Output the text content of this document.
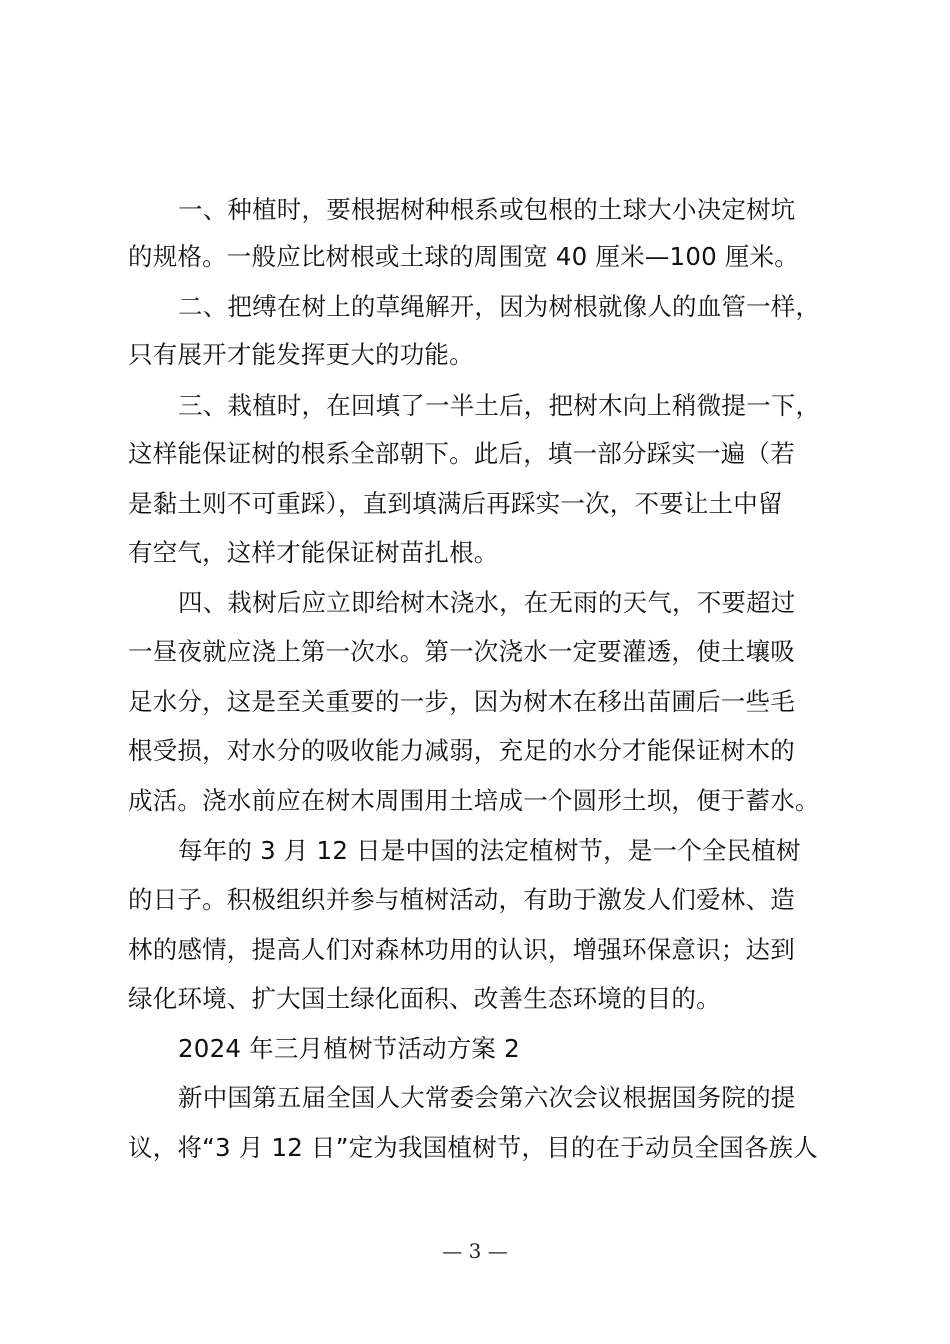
一、种植时，要根据树种根系或包根的土球大小决定树坑
的规格。一般应比树根或土球的周围宽 40 厘米—100 厘米。
二、把缚在树上的草绳解开，因为树根就像人的血管一样，
只有展开才能发挥更大的功能。
三、栽植时，在回填了一半土后，把树木向上稍微提一下，
这样能保证树的根系全部朝下。此后，填一部分踩实一遍（若
是黏土则不可重踩），直到填满后再踩实一次，不要让土中留
有空气，这样才能保证树苗扎根。
四、栽树后应立即给树木浇水，在无雨的天气，不要超过
一昼夜就应浇上第一次水。第一次浇水一定要灌透，使土壤吸
足水分，这是至关重要的一步，因为树木在移出苗圃后一些毛
根受损，对水分的吸收能力减弱，充足的水分才能保证树木的
成活。浇水前应在树木周围用土培成一个圆形土坝，便于蓄水。
每年的 3 月 12 日是中国的法定植树节，是一个全民植树
的日子。积极组织并参与植树活动，有助于激发人们爱林、造
林的感情，提高人们对森林功用的认识，增强环保意识；达到
绿化环境、扩大国土绿化面积、改善生态环境的目的。
2024 年三月植树节活动方案 2
新中国第五届全国人大常委会第六次会议根据国务院的提
议，将“3 月 12 日”定为我国植树节，目的在于动员全国各族人
— 3 —
